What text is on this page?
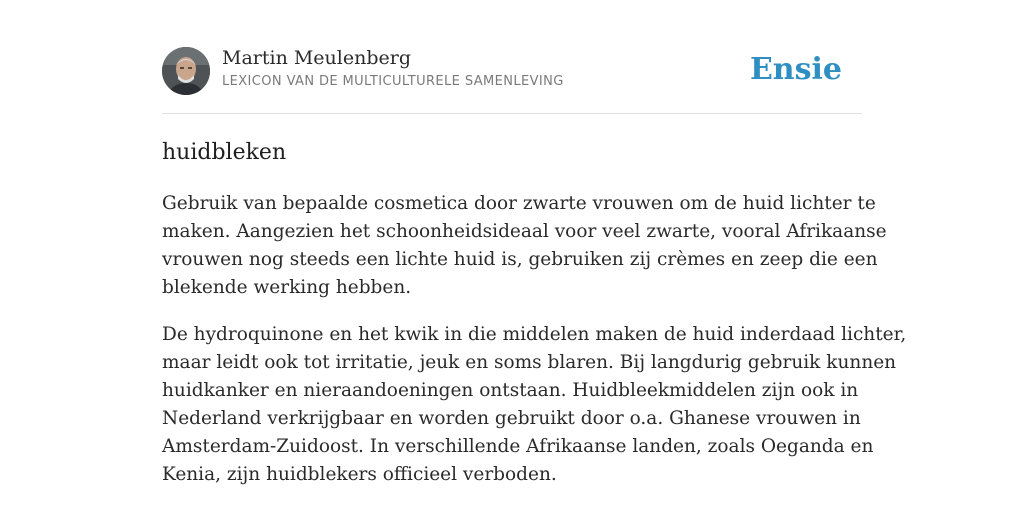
Martin Meulenberg
LEXICON VAN DE MULTICULTURELE SAMENLEVING	Ensie
huidbleken

Gebruik van bepaalde cosmetica door zwarte vrouwen om de huid lichter te
maken. Aangezien het schoonheidsideaal voor veel zwarte, vooral Afrikaanse
vrouwen nog steeds een lichte huid is, gebruiken zij crèmes en zeep die een
blekende werking hebben.

De hydroquinone en het kwik in die middelen maken de huid inderdaad lichter,
maar leidt ook tot irritatie, jeuk en soms blaren. Bij langdurig gebruik kunnen
huidkanker en nieraandoeningen ontstaan. Huidbleekmiddelen zijn ook in
Nederland verkrijgbaar en worden gebruikt door o.a. Ghanese vrouwen in
Amsterdam-Zuidoost. In verschillende Afrikaanse landen, zoals Oeganda en
Kenia, zijn huidblekers officieel verboden.
